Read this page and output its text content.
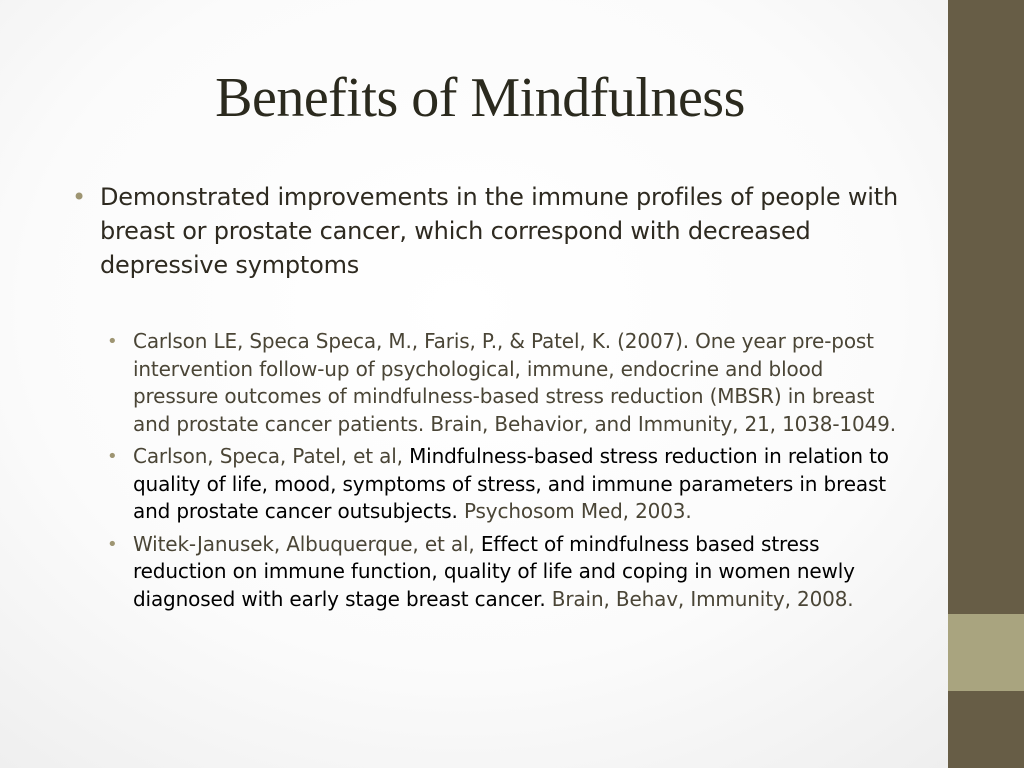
Benefits of Mindfulness
• Demonstrated improvements in the immune profiles of people with breast or prostate cancer, which correspond with decreased depressive symptoms
• Carlson LE, Speca Speca, M., Faris, P., & Patel, K. (2007). One year pre-post intervention follow-up of psychological, immune, endocrine and blood pressure outcomes of mindfulness-based stress reduction (MBSR) in breast and prostate cancer patients. Brain, Behavior, and Immunity, 21, 1038-1049.
• Carlson, Speca, Patel, et al, Mindfulness-based stress reduction in relation to quality of life, mood, symptoms of stress, and immune parameters in breast and prostate cancer outsubjects. Psychosom Med, 2003.
• Witek-Janusek, Albuquerque, et al, Effect of mindfulness based stress reduction on immune function, quality of life and coping in women newly diagnosed with early stage breast cancer. Brain, Behav, Immunity, 2008.
